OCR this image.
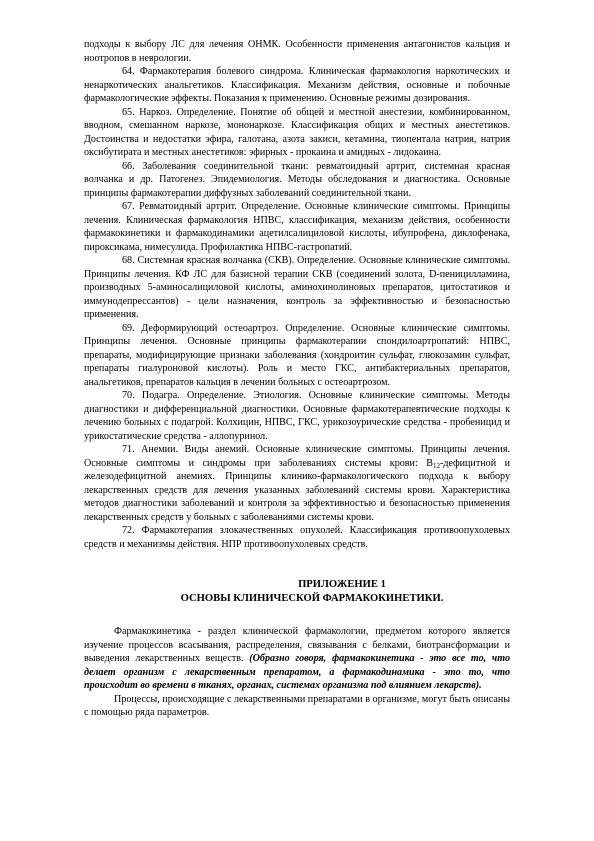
подходы к выбору ЛС для лечения ОНМК. Особенности применения антагонистов кальция и ноотропов в неврологии.

64. Фармакотерапия болевого синдрома. Клиническая фармакология наркотических и ненаркотических анальгетиков. Классификация. Механизм действия, основные и побочные фармакологические эффекты. Показания к применению. Основные режимы дозирования.

65. Наркоз. Определение. Понятие об общей и местной анестезии, комбинированном, вводном, смешанном наркозе, мононаркозе. Классификация общих и местных анестетиков. Достоинства и недостатки эфира, галотана, азота закиси, кетамина, тиопентала натрия, натрия оксибутирата и местных анестетиков: эфирных - прокаина и амидных - лидокаина.

66. Заболевания соединительной ткани: ревматоидный артрит, системная красная волчанка и др. Патогенез. Эпидемиология. Методы обследования и диагностика. Основные принципы фармакотерапии диффузных заболеваний соединительной ткани.

67. Ревматоидный артрит. Определение. Основные клинические симптомы. Принципы лечения. Клиническая фармакология НПВС, классификация, механизм действия, особенности фармакокинетики и фармакодинамики ацетилсалициловой кислоты, ибупрофена, диклофенака, пироксикама, нимесулида. Профилактика НПВС-гастропатий.

68. Системная красная волчанка (СКВ). Определение. Основные клинические симптомы. Принципы лечения. КФ ЛС для базисной терапии СКВ (соединений золота, D-пеницилламина, производных 5-аминосалициловой кислоты, аминохинолиновых препаратов, цитостатиков и иммунодепрессантов) - цели назначения, контроль за эффективностью и безопасностью применения.

69. Деформирующий остеоартроз. Определение. Основные клинические симптомы. Принципы лечения. Основные принципы фармакотерапии спондилоартропатий: НПВС, препараты, модифицирующие признаки заболевания (хондроитин сульфат, глюкозамин сульфат, препараты гиалуроновой кислоты). Роль и место ГКС, антибактериальных препаратов, анальгетиков, препаратов кальция в лечении больных с остеоартрозом.

70. Подагра. Определение. Этиология. Основные клинические симптомы. Методы диагностики и дифференциальной диагностики. Основные фармакотерапевтические подходы к лечению больных с подагрой. Колхицин, НПВС, ГКС, урикозоурические средства - пробеницид и урикостатические средства - аллопуринол.

71. Анемии. Виды анемий. Основные клинические симптомы. Принципы лечения. Основные симптомы и синдромы при заболеваниях системы крови: $В_{12}$-дефицитной и железодефицитной анемиях. Принципы клинико-фармакологического подхода к выбору лекарственных средств для лечения указанных заболеваний системы крови. Характеристика методов диагностики заболеваний и контроля за эффективностью и безопасностью применения лекарственных средств у больных с заболеваниями системы крови.

72. Фармакотерапия злокачественных опухолей. Классификация противоопухолевых средств и механизмы действия. НПР противоопухолевых средств.

ПРИЛОЖЕНИЕ 1
ОСНОВЫ КЛИНИЧЕСКОЙ ФАРМАКОКИНЕТИКИ.

Фармакокинетика - раздел клинической фармакологии, предметом которого является изучение процессов всасывания, распределения, связывания с белками, биотрансформации и выведения лекарственных веществ. (Образно говоря, фармакокинетика - это все то, что делает организм с лекарственным препаратом, а фармакодинамика - это то, что происходит во времени в тканях, органах, системах организма под влиянием лекарств).

Процессы, происходящие с лекарственными препаратами в организме, могут быть описаны с помощью ряда параметров.
